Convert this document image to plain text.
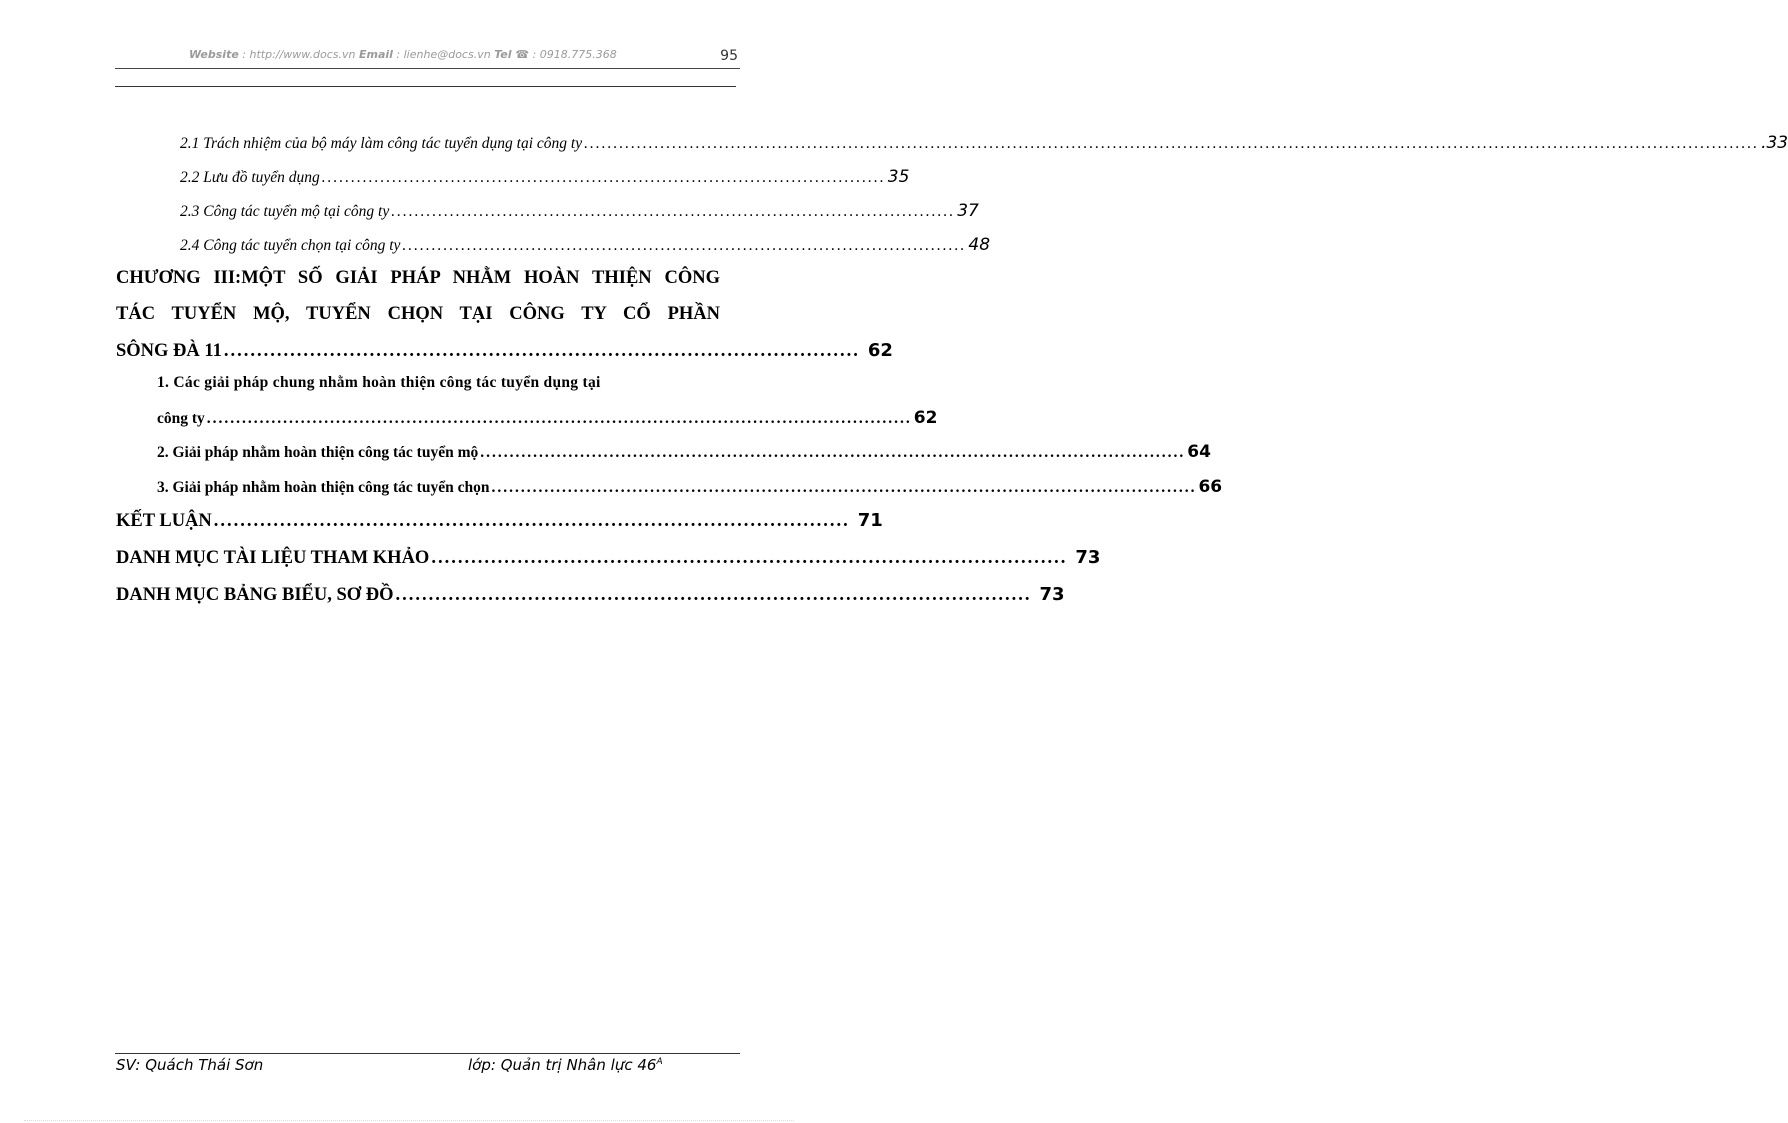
Website : http://www.docs.vn Email : lienhe@docs.vn Tel ☎ : 0918.775.368	95
2.1 Trách nhiệm của bộ máy làm công tác tuyển dụng tại công ty ........................................................................................................................................................................................................ .33
2.2 Lưu đồ tuyển dụng ................................................................................................ 35
2.3 Công tác tuyển mộ tại công ty ................................................................................................ 37
2.4 Công tác tuyển chọn tại công ty ................................................................................................ 48
CHƯƠNG III:MỘT SỐ GIẢI PHÁP NHẰM HOÀN THIỆN CÔNG
TÁC TUYỂN MỘ, TUYỂN CHỌN TẠI CÔNG TY CỔ PHẦN
SÔNG ĐÀ 11 ................................................................................................ 62
1. Các giải pháp chung nhằm hoàn thiện công tác tuyển dụng tại
công ty ........................................................................................................................ 62
2. Giải pháp nhằm hoàn thiện công tác tuyển mộ ........................................................................................................................ 64
3. Giải pháp nhằm hoàn thiện công tác tuyển chọn ........................................................................................................................ 66
KẾT LUẬN ................................................................................................ 71
DANH MỤC TÀI LIỆU THAM KHẢO ................................................................................................ 73
DANH MỤC BẢNG BIỂU, SƠ ĐỒ ................................................................................................ 73
SV: Quách Thái Sơn	lớp: Quản trị Nhân lực $46^A$
